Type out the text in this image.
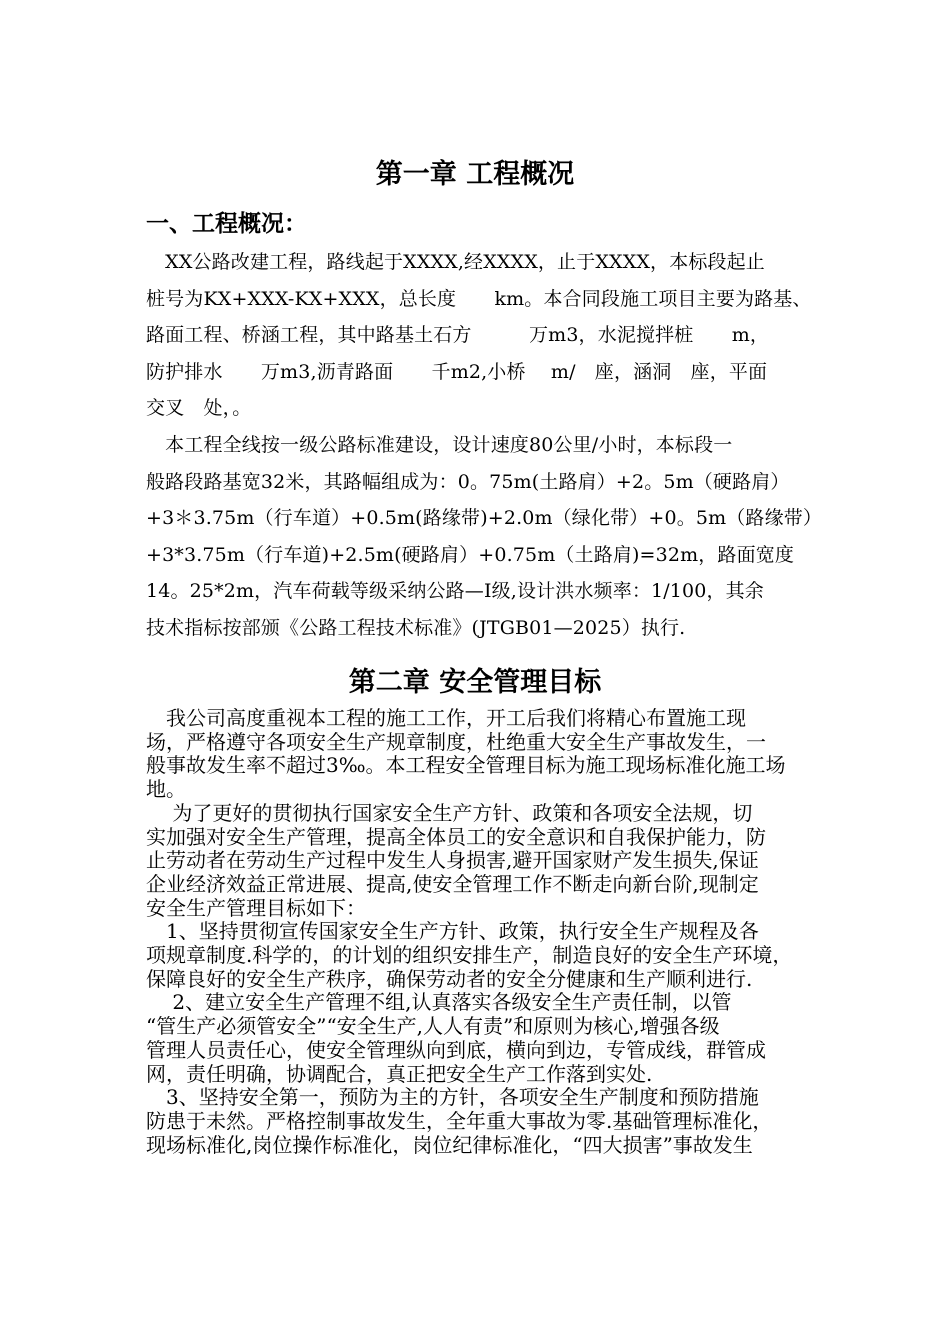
第一章 工程概况
一、工程概况：
　XX公路改建工程，路线起于XXXX,经XXXX，止于XXXX，本标段起止
桩号为KX+XXX-KX+XXX，总长度　　km。本合同段施工项目主要为路基、
路面工程、桥涵工程，其中路基土石方　　　万m3，水泥搅拌桩　　m，
防护排水　　万m3,沥青路面　　千m2,小桥　 m/　座，涵洞　座，平面
交叉　处，。
　本工程全线按一级公路标准建设，设计速度80公里/小时，本标段一
般路段路基宽32米，其路幅组成为：0。75m(土路肩）+2。5m（硬路肩）
+3＊3.75m（行车道）+0.5m(路缘带)+2.0m（绿化带）+0。5m（路缘带）
+3*3.75m（行车道)+2.5m(硬路肩）+0.75m（土路肩)=32m，路面宽度
14。25*2m，汽车荷载等级采纳公路—I级,设计洪水频率：1/100，其余
技术指标按部颁《公路工程技术标准》(JTGB01—2025）执行.
第二章 安全管理目标
　我公司高度重视本工程的施工工作，开工后我们将精心布置施工现
场，严格遵守各项安全生产规章制度，杜绝重大安全生产事故发生，一
般事故发生率不超过3‰。本工程安全管理目标为施工现场标准化施工场
地。
　 为了更好的贯彻执行国家安全生产方针、政策和各项安全法规，切
实加强对安全生产管理，提高全体员工的安全意识和自我保护能力，防
止劳动者在劳动生产过程中发生人身损害,避开国家财产发生损失,保证
企业经济效益正常进展、提高,使安全管理工作不断走向新台阶,现制定
安全生产管理目标如下：
　1、坚持贯彻宣传国家安全生产方针、政策，执行安全生产规程及各
项规章制度.科学的，的计划的组织安排生产，制造良好的安全生产环境，
保障良好的安全生产秩序，确保劳动者的安全分健康和生产顺利进行.
　 2、建立安全生产管理不组,认真落实各级安全生产责任制，以管
“管生产必须管安全”“安全生产,人人有责”和原则为核心,增强各级
管理人员责任心，使安全管理纵向到底，横向到边，专管成线，群管成
网，责任明确，协调配合，真正把安全生产工作落到实处.
　3、坚持安全第一，预防为主的方针，各项安全生产制度和预防措施
防患于未然。严格控制事故发生，全年重大事故为零.基础管理标准化，
现场标准化,岗位操作标准化，岗位纪律标准化，“四大损害”事故发生
